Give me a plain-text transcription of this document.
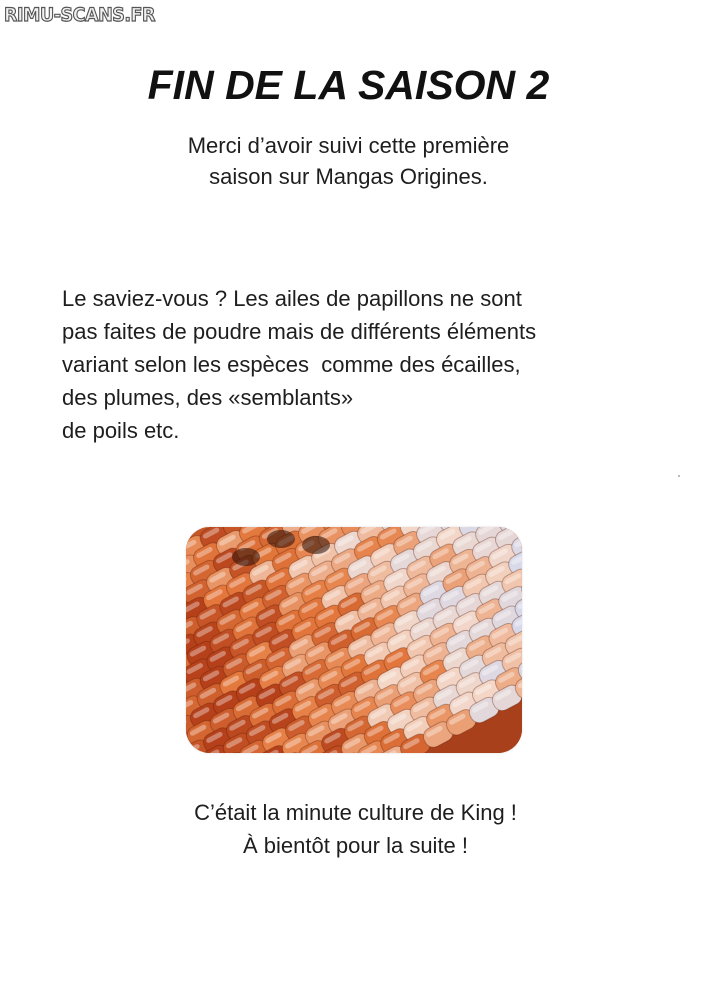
RIMU-SCANS.FR
FIN DE LA SAISON 2
Merci d’avoir suivi cette première
saison sur Mangas Origines.
Le saviez-vous ? Les ailes de papillons ne sont
pas faites de poudre mais de différents éléments
variant selon les espèces  comme des écailles,
des plumes, des «semblants»
de poils etc.
C’était la minute culture de King !
À bientôt pour la suite !
